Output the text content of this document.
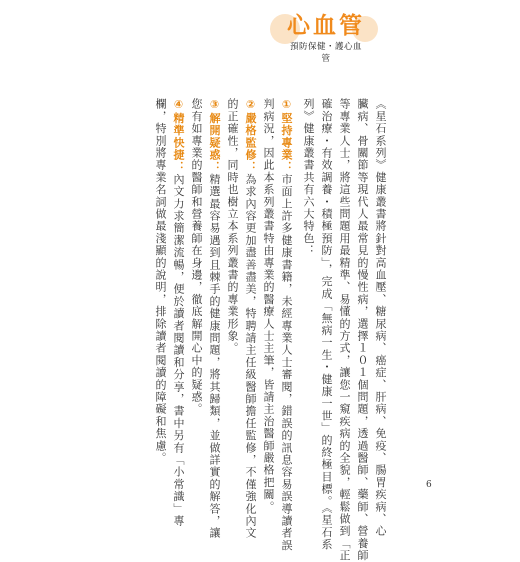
心血管
預防保健・護心血管
《星石系列》健康叢書將針對高血壓、糖尿病、癌症、肝病、免疫、腸胃疾病、心
臟病、骨關節等現代人最常見的慢性病，選擇１０１個問題，透過醫師、藥師、營養師
等專業人士，將這些問題用最精準、易懂的方式，讓您一窺疾病的全貌，輕鬆做到「正
確治療・有效調養・積極預防」，完成「無病一生・健康一世」的終極目標。《星石系
列》健康叢書共有六大特色：
①堅持專業：市面上許多健康書籍，未經專業人士審閱，錯誤的訊息容易誤導讀者誤
判病況，因此本系列叢書特由專業的醫療人士主筆，皆請主治醫師嚴格把關。
②嚴格監修：為求內容更加盡善盡美，特聘請主任級醫師擔任監修，不僅強化內文
的正確性，同時也樹立本系列叢書的專業形象。
③解開疑惑：精選最容易遇到且棘手的健康問題，將其歸類，並做詳實的解答，讓
您有如專業的醫師和營養師在身邊，徹底解開心中的疑惑。
④精準快捷：內文力求簡潔流暢，便於讀者閱讀和分享，書中另有「小常識」專
欄，特別將專業名詞做最淺顯的說明，排除讀者閱讀的障礙和焦慮。
6
